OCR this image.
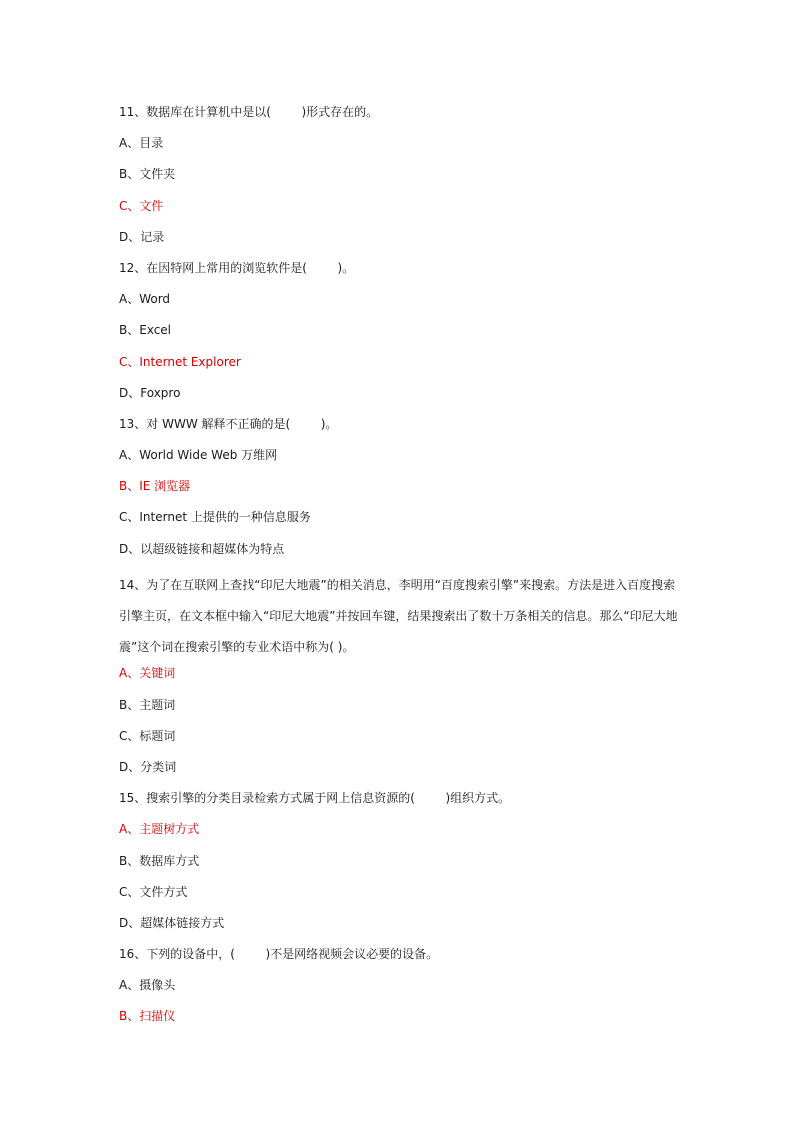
11、数据库在计算机中是以(        )形式存在的。
A、目录
B、文件夹
C、文件
D、记录
12、在因特网上常用的浏览软件是(        )。
A、Word
B、Excel
C、Internet Explorer
D、Foxpro
13、对 WWW 解释不正确的是(        )。
A、World Wide Web 万维网
B、IE 浏览器
C、Internet 上提供的一种信息服务
D、以超级链接和超媒体为特点
14、为了在互联网上查找“印尼大地震”的相关消息，李明用“百度搜索引擎”来搜索。方法是进入百度搜索引擎主页，在文本框中输入“印尼大地震”并按回车键，结果搜索出了数十万条相关的信息。那么“印尼大地震”这个词在搜索引擎的专业术语中称为( )。
A、关键词
B、主题词
C、标题词
D、分类词
15、搜索引擎的分类目录检索方式属于网上信息资源的(        )组织方式。
A、主题树方式
B、数据库方式
C、文件方式
D、超媒体链接方式
16、下列的设备中，(        )不是网络视频会议必要的设备。
A、摄像头
B、扫描仪
